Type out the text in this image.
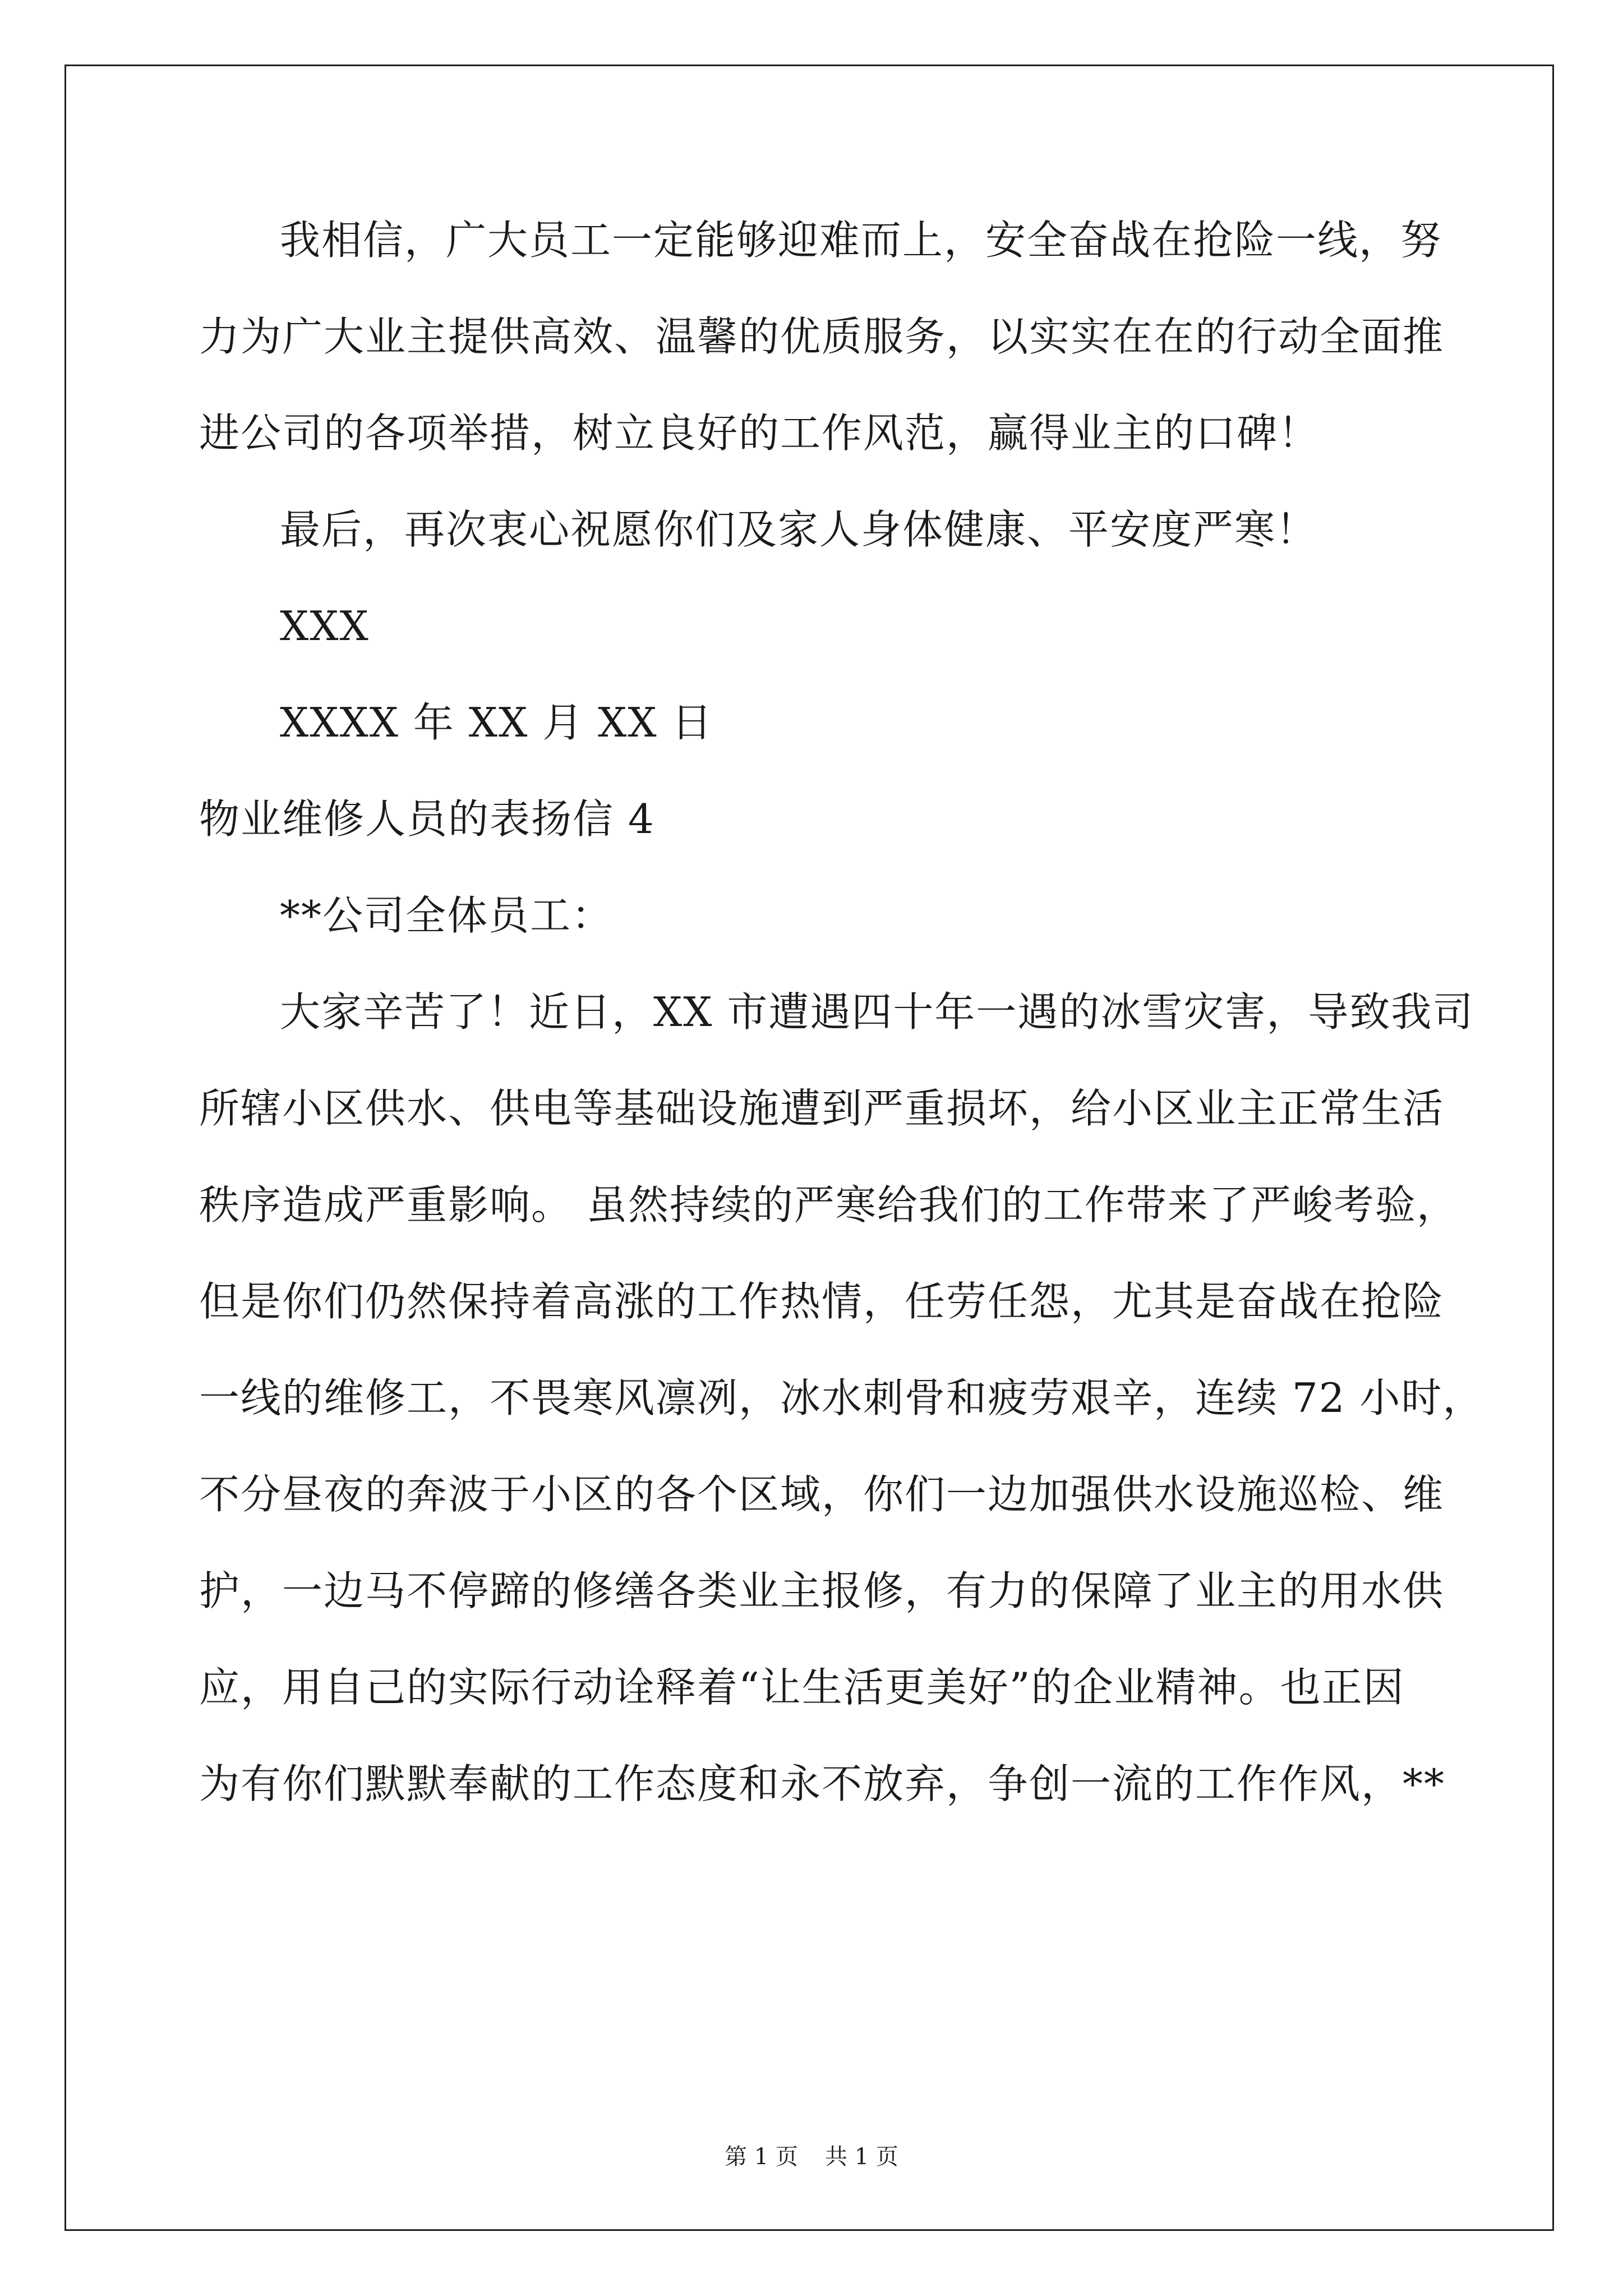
我相信，广大员工一定能够迎难而上，安全奋战在抢险一线，努
力为广大业主提供高效、温馨的优质服务，以实实在在的行动全面推
进公司的各项举措，树立良好的工作风范，赢得业主的口碑！
最后，再次衷心祝愿你们及家人身体健康、平安度严寒！
XXX
XXXX 年 XX 月 XX 日
物业维修人员的表扬信 4
**公司全体员工：
大家辛苦了！近日，XX 市遭遇四十年一遇的冰雪灾害，导致我司
所辖小区供水、供电等基础设施遭到严重损坏，给小区业主正常生活
秩序造成严重影响。 虽然持续的严寒给我们的工作带来了严峻考验，
但是你们仍然保持着高涨的工作热情，任劳任怨，尤其是奋战在抢险
一线的维修工，不畏寒风凛冽，冰水刺骨和疲劳艰辛，连续 72 小时，
不分昼夜的奔波于小区的各个区域，你们一边加强供水设施巡检、维
护，一边马不停蹄的修缮各类业主报修，有力的保障了业主的用水供
应，用自己的实际行动诠释着“让生活更美好”的企业精神。也正因
为有你们默默奉献的工作态度和永不放弃，争创一流的工作作风，**
第 1 页 共 1 页
